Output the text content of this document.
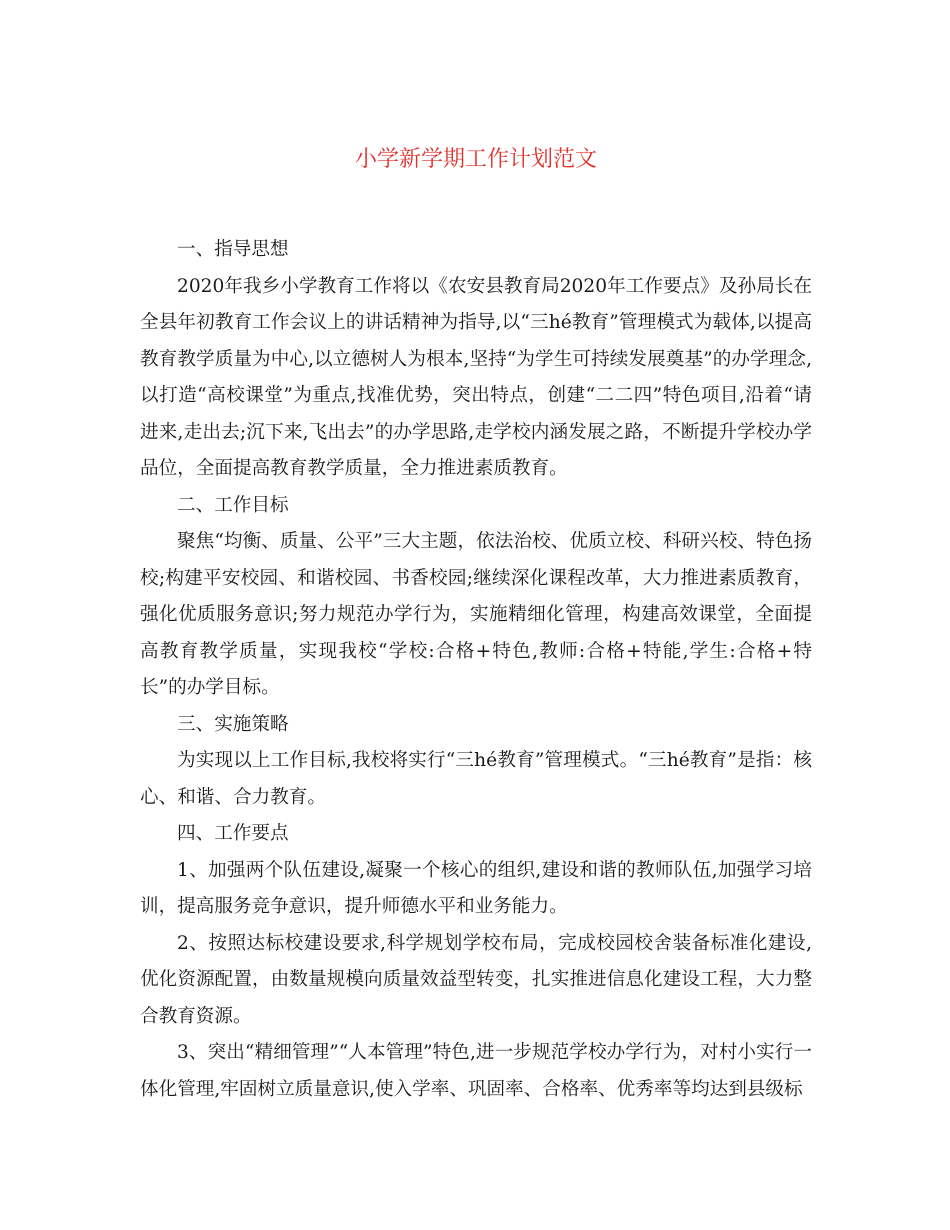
小学新学期工作计划范文

一、指导思想

2020年我乡小学教育工作将以《农安县教育局2020年工作要点》及孙局长在全县年初教育工作会议上的讲话精神为指导,以“三hé教育”管理模式为载体,以提高教育教学质量为中心,以立德树人为根本,坚持“为学生可持续发展奠基”的办学理念,以打造“高校课堂”为重点,找准优势，突出特点，创建“二二四”特色项目,沿着“请进来,走出去;沉下来,飞出去”的办学思路,走学校内涵发展之路，不断提升学校办学品位，全面提高教育教学质量，全力推进素质教育。

二、工作目标

聚焦“均衡、质量、公平”三大主题，依法治校、优质立校、科研兴校、特色扬校;构建平安校园、和谐校园、书香校园;继续深化课程改革，大力推进素质教育，强化优质服务意识;努力规范办学行为，实施精细化管理，构建高效课堂，全面提高教育教学质量，实现我校“学校:合格+特色,教师:合格+特能,学生:合格+特长”的办学目标。

三、实施策略

为实现以上工作目标,我校将实行“三hé教育”管理模式。“三hé教育”是指：核心、和谐、合力教育。

四、工作要点

1、加强两个队伍建设,凝聚一个核心的组织,建设和谐的教师队伍,加强学习培训，提高服务竞争意识，提升师德水平和业务能力。

2、按照达标校建设要求,科学规划学校布局，完成校园校舍装备标准化建设,优化资源配置，由数量规模向质量效益型转变，扎实推进信息化建设工程，大力整合教育资源。

3、突出“精细管理”“人本管理”特色,进一步规范学校办学行为，对村小实行一体化管理,牢固树立质量意识,使入学率、巩固率、合格率、优秀率等均达到县级标
